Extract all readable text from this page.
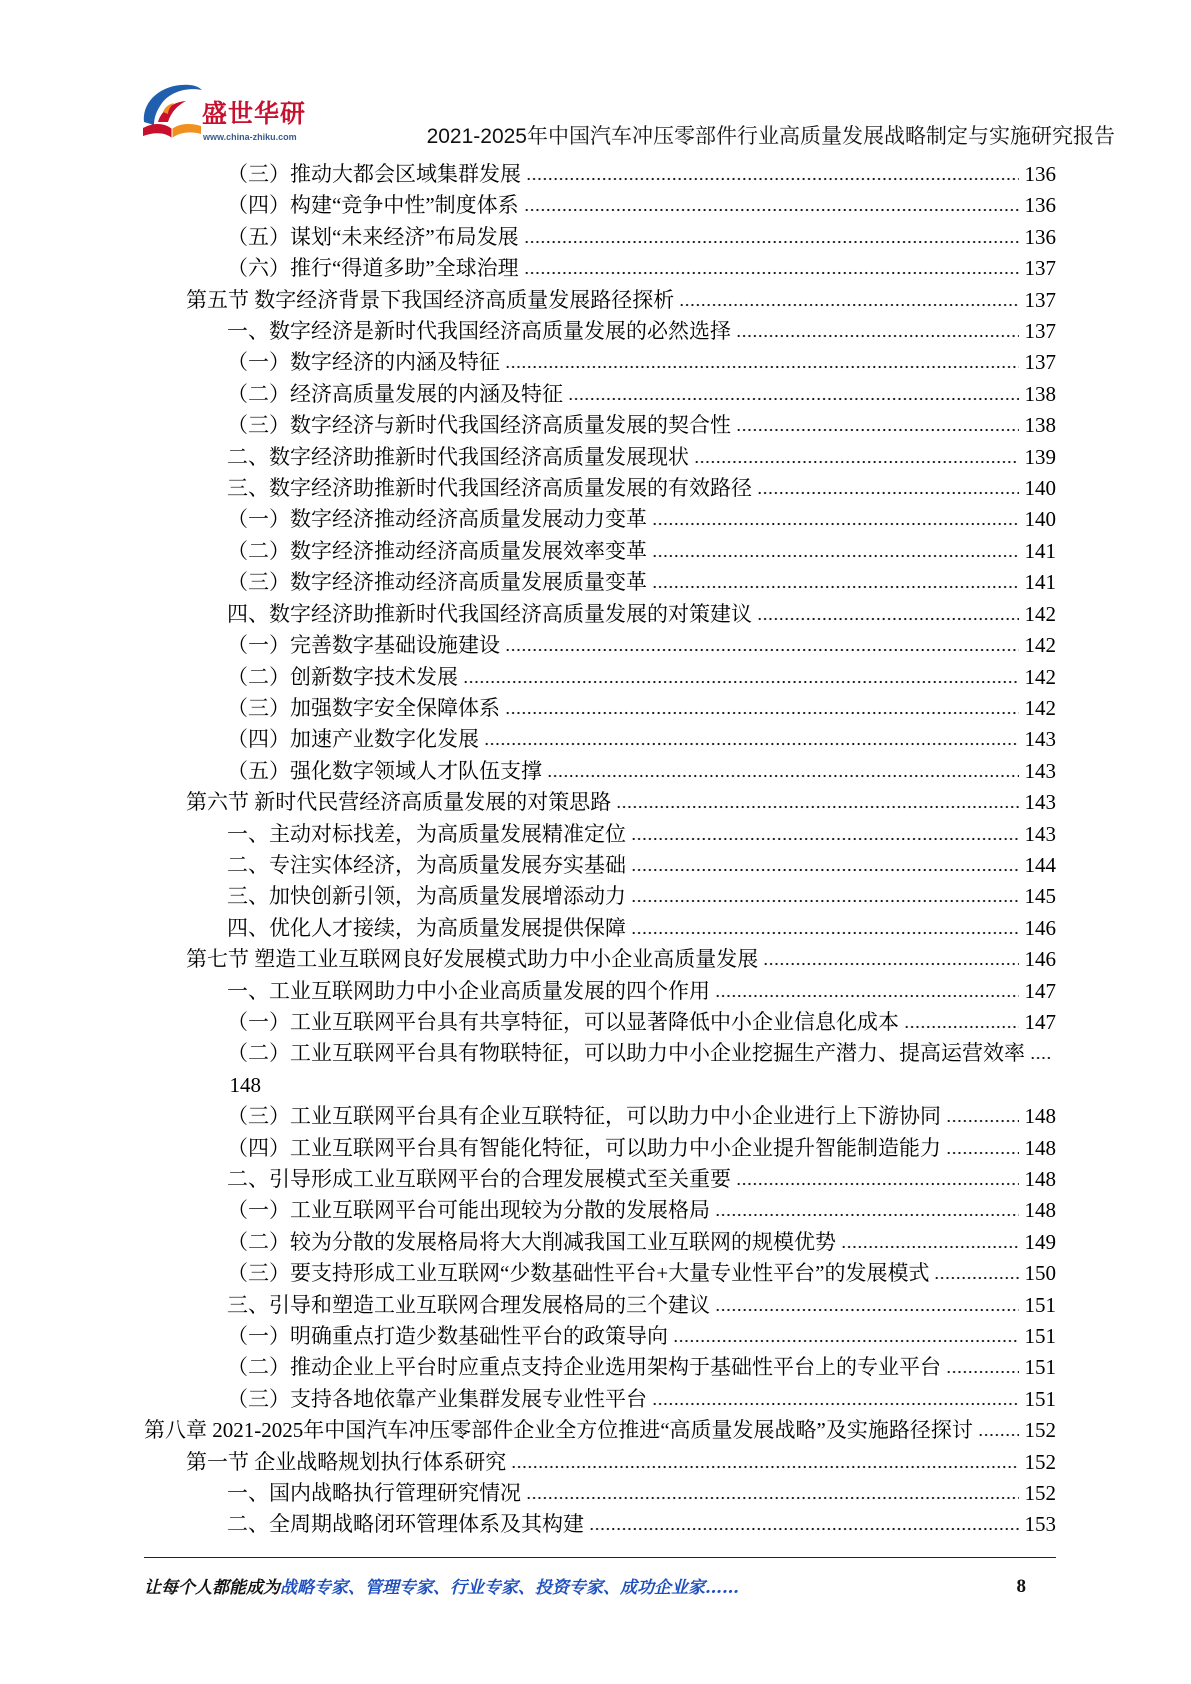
盛世华研
www.china-zhiku.com	2021-2025年中国汽车冲压零部件行业高质量发展战略制定与实施研究报告
（三）推动大都会区域集群发展	136
（四）构建“竞争中性”制度体系	136
（五）谋划“未来经济”布局发展	136
（六）推行“得道多助”全球治理	137
第五节 数字经济背景下我国经济高质量发展路径探析	137
一、数字经济是新时代我国经济高质量发展的必然选择	137
（一）数字经济的内涵及特征	137
（二）经济高质量发展的内涵及特征	138
（三）数字经济与新时代我国经济高质量发展的契合性	138
二、数字经济助推新时代我国经济高质量发展现状	139
三、数字经济助推新时代我国经济高质量发展的有效路径	140
（一）数字经济推动经济高质量发展动力变革	140
（二）数字经济推动经济高质量发展效率变革	141
（三）数字经济推动经济高质量发展质量变革	141
四、数字经济助推新时代我国经济高质量发展的对策建议	142
（一）完善数字基础设施建设	142
（二）创新数字技术发展	142
（三）加强数字安全保障体系	142
（四）加速产业数字化发展	143
（五）强化数字领域人才队伍支撑	143
第六节 新时代民营经济高质量发展的对策思路	143
一、主动对标找差，为高质量发展精准定位	143
二、专注实体经济，为高质量发展夯实基础	144
三、加快创新引领，为高质量发展增添动力	145
四、优化人才接续，为高质量发展提供保障	146
第七节 塑造工业互联网良好发展模式助力中小企业高质量发展	146
一、工业互联网助力中小企业高质量发展的四个作用	147
（一）工业互联网平台具有共享特征，可以显著降低中小企业信息化成本	147
（二）工业互联网平台具有物联特征，可以助力中小企业挖掘生产潜力、提高运营效率
148
（三）工业互联网平台具有企业互联特征，可以助力中小企业进行上下游协同	148
（四）工业互联网平台具有智能化特征，可以助力中小企业提升智能制造能力	148
二、引导形成工业互联网平台的合理发展模式至关重要	148
（一）工业互联网平台可能出现较为分散的发展格局	148
（二）较为分散的发展格局将大大削减我国工业互联网的规模优势	149
（三）要支持形成工业互联网“少数基础性平台+大量专业性平台”的发展模式	150
三、引导和塑造工业互联网合理发展格局的三个建议	151
（一）明确重点打造少数基础性平台的政策导向	151
（二）推动企业上平台时应重点支持企业选用架构于基础性平台上的专业平台	151
（三）支持各地依靠产业集群发展专业性平台	151
第八章 2021-2025年中国汽车冲压零部件企业全方位推进“高质量发展战略”及实施路径探讨 152
第一节 企业战略规划执行体系研究	152
一、国内战略执行管理研究情况	152
二、全周期战略闭环管理体系及其构建	153
让每个人都能成为战略专家、管理专家、行业专家、投资专家、成功企业家……	8
